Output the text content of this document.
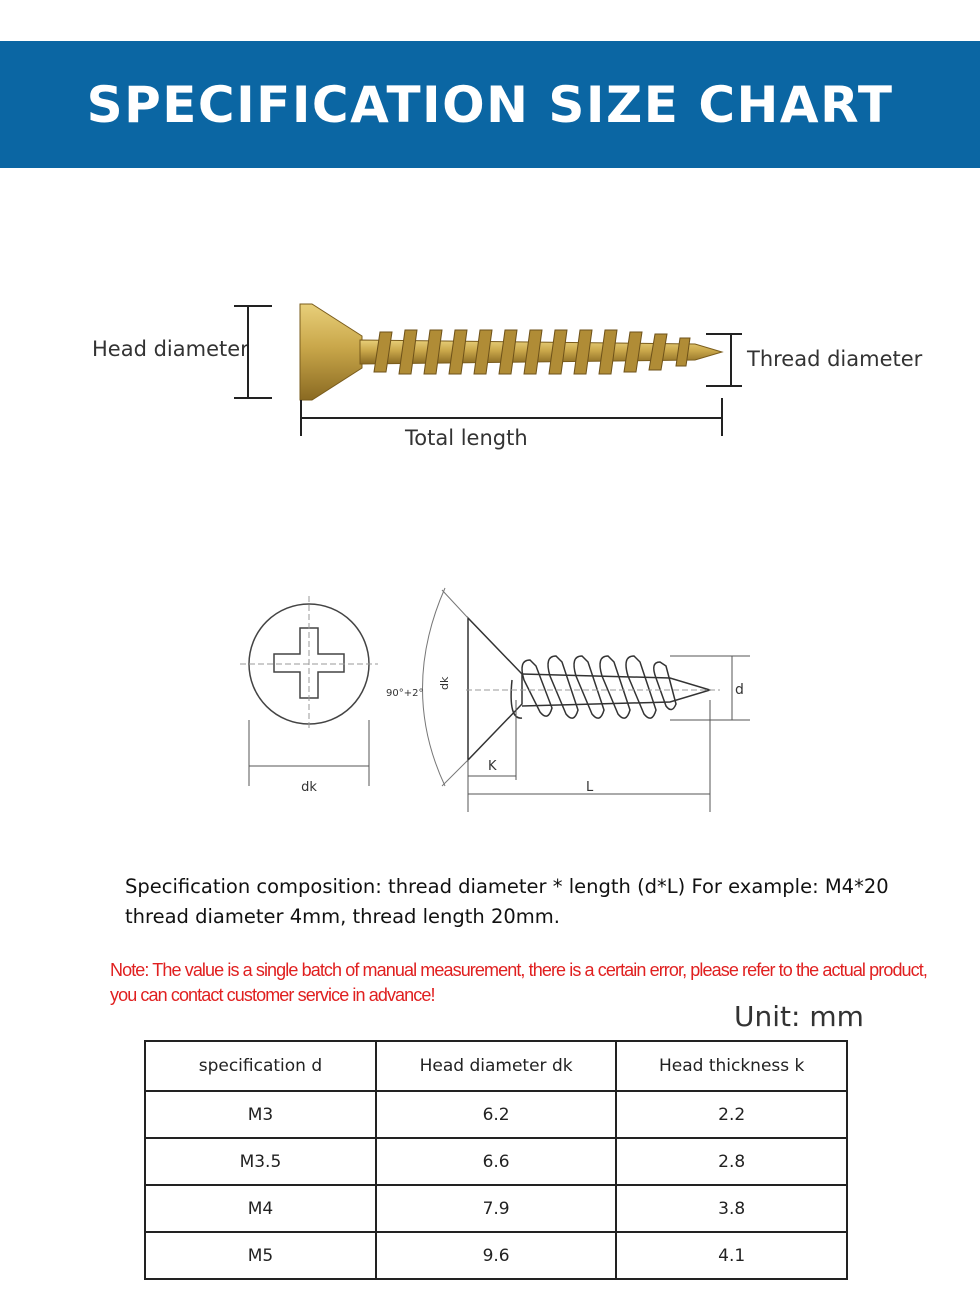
SPECIFICATION SIZE CHART
Head diameter	Thread diameter
Total length
dk
90°+2°
dk	d
K
L
Specification composition: thread diameter * length (d*L) For example: M4*20 thread diameter 4mm, thread length 20mm.
Note: The value is a single batch of manual measurement, there is a certain error, please refer to the actual product, you can contact customer service in advance!
Unit: mm
specification d	Head diameter dk	Head thickness k
M3	6.2	2.2
M3.5	6.6	2.8
M4	7.9	3.8
M5	9.6	4.1
